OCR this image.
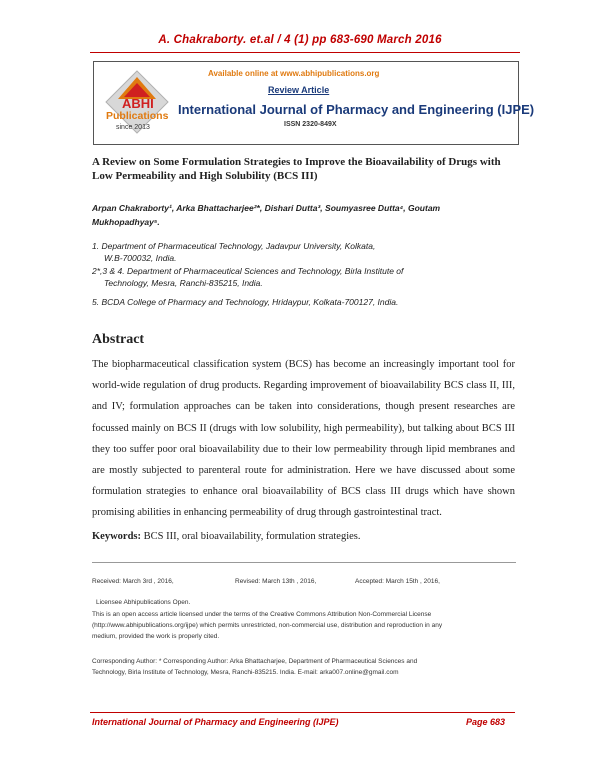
A. Chakraborty. et.al / 4 (1) pp 683-690 March 2016
ABHI
Publications
since 2013
Available online at www.abhipublications.org
Review Article
International Journal of Pharmacy and Engineering (IJPE)
ISSN 2320-849X
A Review on Some Formulation Strategies to Improve the Bioavailability of Drugs with Low Permeability and High Solubility (BCS III)
Arpan Chakraborty¹, Arka Bhattacharjee²*, Dishari Dutta³, Soumyasree Dutta⁴, Goutam
Mukhopadhyay⁵.
1. Department of Pharmaceutical Technology, Jadavpur University, Kolkata,
W.B-700032, India.
2*,3 & 4. Department of Pharmaceutical Sciences and Technology, Birla Institute of
Technology, Mesra, Ranchi-835215, India.
5. BCDA College of Pharmacy and Technology, Hridaypur, Kolkata-700127, India.
Abstract
The biopharmaceutical classification system (BCS) has become an increasingly important tool for world-wide regulation of drug products. Regarding improvement of bioavailability BCS class II, III, and IV; formulation approaches can be taken into considerations, though present researches are focussed mainly on BCS II (drugs with low solubility, high permeability), but talking about BCS III they too suffer poor oral bioavailability due to their low permeability through lipid membranes and are mostly subjected to parenteral route for administration. Here we have discussed about some formulation strategies to enhance oral bioavailability of BCS class III drugs which have shown promising abilities in enhancing permeability of drug through gastrointestinal tract.
Keywords: BCS III, oral bioavailability, formulation strategies.
Received: March 3rd , 2016,	Revised: March 13th , 2016,	Accepted: March 15th , 2016,
Licensee Abhipublications Open.
This is an open access article licensed under the terms of the Creative Commons Attribution Non-Commercial License
(http://www.abhipublications.org/ijpe) which permits unrestricted, non-commercial use, distribution and reproduction in any
medium, provided the work is properly cited.
Corresponding Author: * Corresponding Author: Arka Bhattacharjee, Department of Pharmaceutical Sciences and
Technology, Birla Institute of Technology, Mesra, Ranchi-835215. India. E-mail: arka007.online@gmail.com
International Journal of Pharmacy and Engineering (IJPE)	Page 683
